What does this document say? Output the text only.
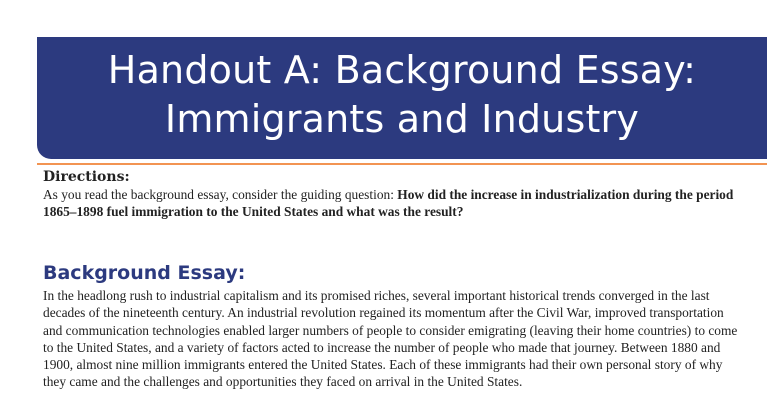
Handout A: Background Essay:
Immigrants and Industry
Directions:
As you read the background essay, consider the guiding question: How did the increase in industrialization during the period 1865–1898 fuel immigration to the United States and what was the result?
Background Essay:
In the headlong rush to industrial capitalism and its promised riches, several important historical trends converged in the last decades of the nineteenth century. An industrial revolution regained its momentum after the Civil War, improved transportation and communication technologies enabled larger numbers of people to consider emigrating (leaving their home countries) to come to the United States, and a variety of factors acted to increase the number of people who made that journey. Between 1880 and 1900, almost nine million immigrants entered the United States. Each of these immigrants had their own personal story of why they came and the challenges and opportunities they faced on arrival in the United States.
